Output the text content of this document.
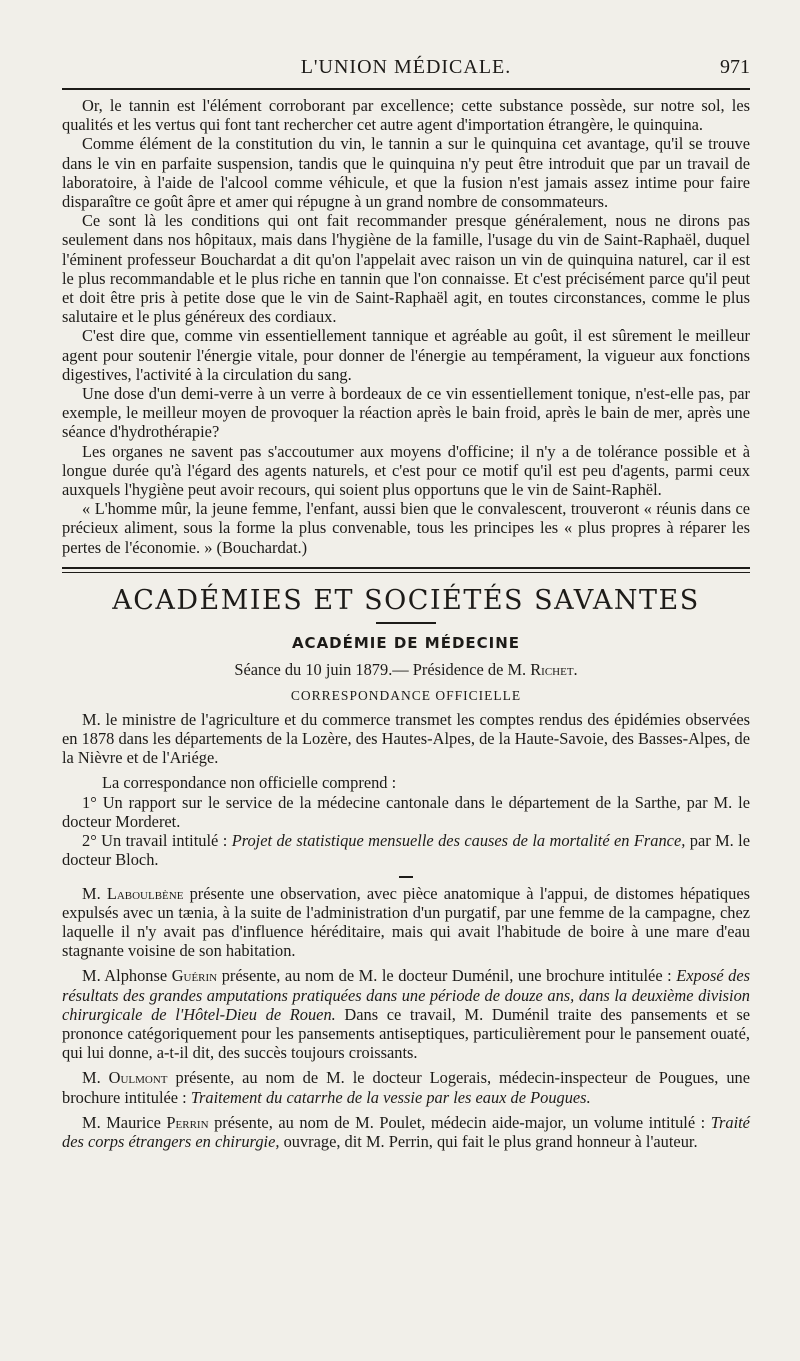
L'UNION MÉDICALE.	971

Or, le tannin est l'élément corroborant par excellence; cette substance possède, sur notre sol, les qualités et les vertus qui font tant rechercher cet autre agent d'importation étrangère, le quinquina.

Comme élément de la constitution du vin, le tannin a sur le quinquina cet avantage, qu'il se trouve dans le vin en parfaite suspension, tandis que le quinquina n'y peut être introduit que par un travail de laboratoire, à l'aide de l'alcool comme véhicule, et que la fusion n'est jamais assez intime pour faire disparaître ce goût âpre et amer qui répugne à un grand nombre de consommateurs.

Ce sont là les conditions qui ont fait recommander presque généralement, nous ne dirons pas seulement dans nos hôpitaux, mais dans l'hygiène de la famille, l'usage du vin de Saint-Raphaël, duquel l'éminent professeur Bouchardat a dit qu'on l'appelait avec raison un vin de quinquina naturel, car il est le plus recommandable et le plus riche en tannin que l'on connaisse. Et c'est précisément parce qu'il peut et doit être pris à petite dose que le vin de Saint-Raphaël agit, en toutes circonstances, comme le plus salutaire et le plus généreux des cordiaux.

C'est dire que, comme vin essentiellement tannique et agréable au goût, il est sûrement le meilleur agent pour soutenir l'énergie vitale, pour donner de l'énergie au tempérament, la vigueur aux fonctions digestives, l'activité à la circulation du sang.

Une dose d'un demi-verre à un verre à bordeaux de ce vin essentiellement tonique, n'est-elle pas, par exemple, le meilleur moyen de provoquer la réaction après le bain froid, après le bain de mer, après une séance d'hydrothérapie?

Les organes ne savent pas s'accoutumer aux moyens d'officine; il n'y a de tolérance possible et à longue durée qu'à l'égard des agents naturels, et c'est pour ce motif qu'il est peu d'agents, parmi ceux auxquels l'hygiène peut avoir recours, qui soient plus opportuns que le vin de Saint-Raphël.

« L'homme mûr, la jeune femme, l'enfant, aussi bien que le convalescent, trouveront « réunis dans ce précieux aliment, sous la forme la plus convenable, tous les principes les « plus propres à réparer les pertes de l'économie. » (Bouchardat.)

ACADÉMIES ET SOCIÉTÉS SAVANTES
ACADÉMIE DE MÉDECINE
Séance du 10 juin 1879.— Présidence de M. Richet.
CORRESPONDANCE OFFICIELLE

M. le ministre de l'agriculture et du commerce transmet les comptes rendus des épidémies observées en 1878 dans les départements de la Lozère, des Hautes-Alpes, de la Haute-Savoie, des Basses-Alpes, de la Nièvre et de l'Ariége.

La correspondance non officielle comprend :

1° Un rapport sur le service de la médecine cantonale dans le département de la Sarthe, par M. le docteur Morderet.

2° Un travail intitulé : Projet de statistique mensuelle des causes de la mortalité en France, par M. le docteur Bloch.

M. Laboulbène présente une observation, avec pièce anatomique à l'appui, de distomes hépatiques expulsés avec un tænia, à la suite de l'administration d'un purgatif, par une femme de la campagne, chez laquelle il n'y avait pas d'influence héréditaire, mais qui avait l'habitude de boire à une mare d'eau stagnante voisine de son habitation.

M. Alphonse Guérin présente, au nom de M. le docteur Duménil, une brochure intitulée : Exposé des résultats des grandes amputations pratiquées dans une période de douze ans, dans la deuxième division chirurgicale de l'Hôtel-Dieu de Rouen. Dans ce travail, M. Duménil traite des pansements et se prononce catégoriquement pour les pansements antiseptiques, particulièrement pour le pansement ouaté, qui lui donne, a-t-il dit, des succès toujours croissants.

M. Oulmont présente, au nom de M. le docteur Logerais, médecin-inspecteur de Pougues, une brochure intitulée : Traitement du catarrhe de la vessie par les eaux de Pougues.

M. Maurice Perrin présente, au nom de M. Poulet, médecin aide-major, un volume intitulé : Traité des corps étrangers en chirurgie, ouvrage, dit M. Perrin, qui fait le plus grand honneur à l'auteur.
